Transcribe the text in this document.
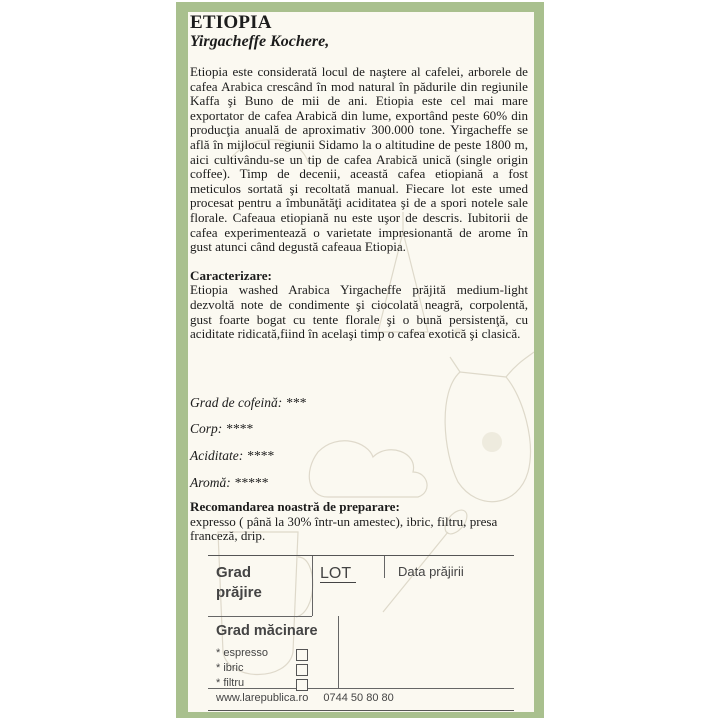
ETIOPIA
Yirgacheffe Kochere,

Etiopia este considerată locul de naştere al cafelei, arborele de cafea Arabica crescând în mod natural în pădurile din regiunile Kaffa şi Buno de mii de ani. Etiopia este cel mai mare exportator de cafea Arabică din lume, exportând peste 60% din producţia anuală de aproximativ 300.000 tone. Yirgacheffe se află în mijlocul regiunii Sidamo la o altitudine de peste 1800 m, aici cultivându-se un tip de cafea Arabică unică (single origin coffee). Timp de decenii, această cafea etiopiană a fost meticulos sortată şi recoltată manual. Fiecare lot este umed procesat pentru a îmbunătăţi aciditatea şi de a spori notele sale florale. Cafeaua etiopiană nu este uşor de descris. Iubitorii de cafea experimentează o varietate impresionantă de arome în gust atunci când degustă cafeaua Etiopia.

Caracterizare:

Etiopia washed Arabica Yirgacheffe prăjită medium-light dezvoltă note de condimente şi ciocolată neagră, corpolentă, gust foarte bogat cu tente florale şi o bună persistenţă, cu aciditate ridicată,fiind în acelaşi timp o cafea exotică şi clasică.

Grad de cofeină: ***

Corp: ****

Aciditate: ****

Aromă: *****

Recomandarea noastră de preparare:

expresso ( până la 30% într-un amestec), ibric, filtru, presa franceză, drip.

Grad prăjire
LOT	Data prăjirii
Grad măcinare
* espresso
* ibric
* filtru
www.larepublica.ro 0744 50 80 80
